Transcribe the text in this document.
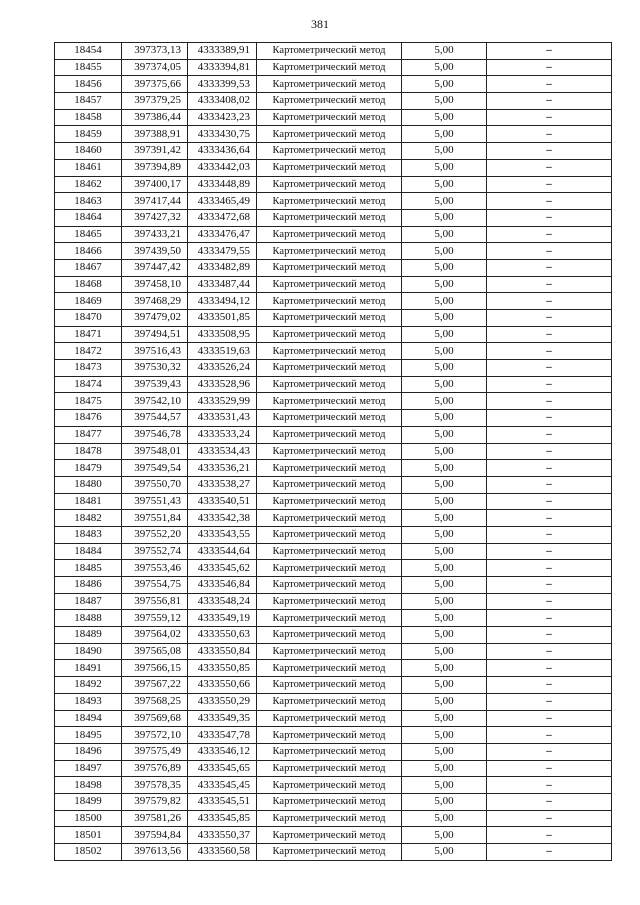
381
18454	397373,13	4333389,91	Картометрический метод	5,00	–
18455	397374,05	4333394,81	Картометрический метод	5,00	–
18456	397375,66	4333399,53	Картометрический метод	5,00	–
18457	397379,25	4333408,02	Картометрический метод	5,00	–
18458	397386,44	4333423,23	Картометрический метод	5,00	–
18459	397388,91	4333430,75	Картометрический метод	5,00	–
18460	397391,42	4333436,64	Картометрический метод	5,00	–
18461	397394,89	4333442,03	Картометрический метод	5,00	–
18462	397400,17	4333448,89	Картометрический метод	5,00	–
18463	397417,44	4333465,49	Картометрический метод	5,00	–
18464	397427,32	4333472,68	Картометрический метод	5,00	–
18465	397433,21	4333476,47	Картометрический метод	5,00	–
18466	397439,50	4333479,55	Картометрический метод	5,00	–
18467	397447,42	4333482,89	Картометрический метод	5,00	–
18468	397458,10	4333487,44	Картометрический метод	5,00	–
18469	397468,29	4333494,12	Картометрический метод	5,00	–
18470	397479,02	4333501,85	Картометрический метод	5,00	–
18471	397494,51	4333508,95	Картометрический метод	5,00	–
18472	397516,43	4333519,63	Картометрический метод	5,00	–
18473	397530,32	4333526,24	Картометрический метод	5,00	–
18474	397539,43	4333528,96	Картометрический метод	5,00	–
18475	397542,10	4333529,99	Картометрический метод	5,00	–
18476	397544,57	4333531,43	Картометрический метод	5,00	–
18477	397546,78	4333533,24	Картометрический метод	5,00	–
18478	397548,01	4333534,43	Картометрический метод	5,00	–
18479	397549,54	4333536,21	Картометрический метод	5,00	–
18480	397550,70	4333538,27	Картометрический метод	5,00	–
18481	397551,43	4333540,51	Картометрический метод	5,00	–
18482	397551,84	4333542,38	Картометрический метод	5,00	–
18483	397552,20	4333543,55	Картометрический метод	5,00	–
18484	397552,74	4333544,64	Картометрический метод	5,00	–
18485	397553,46	4333545,62	Картометрический метод	5,00	–
18486	397554,75	4333546,84	Картометрический метод	5,00	–
18487	397556,81	4333548,24	Картометрический метод	5,00	–
18488	397559,12	4333549,19	Картометрический метод	5,00	–
18489	397564,02	4333550,63	Картометрический метод	5,00	–
18490	397565,08	4333550,84	Картометрический метод	5,00	–
18491	397566,15	4333550,85	Картометрический метод	5,00	–
18492	397567,22	4333550,66	Картометрический метод	5,00	–
18493	397568,25	4333550,29	Картометрический метод	5,00	–
18494	397569,68	4333549,35	Картометрический метод	5,00	–
18495	397572,10	4333547,78	Картометрический метод	5,00	–
18496	397575,49	4333546,12	Картометрический метод	5,00	–
18497	397576,89	4333545,65	Картометрический метод	5,00	–
18498	397578,35	4333545,45	Картометрический метод	5,00	–
18499	397579,82	4333545,51	Картометрический метод	5,00	–
18500	397581,26	4333545,85	Картометрический метод	5,00	–
18501	397594,84	4333550,37	Картометрический метод	5,00	–
18502	397613,56	4333560,58	Картометрический метод	5,00	–
